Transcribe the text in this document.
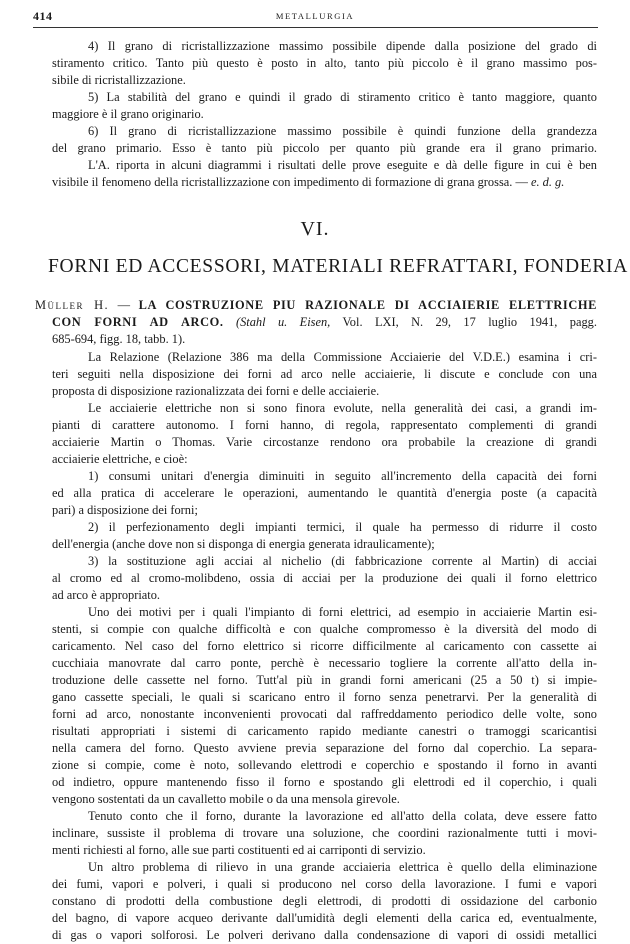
414	METALLURGIA
4) Il grano di ricristallizzazione massimo possibile dipende dalla posizione del grado di
stiramento critico. Tanto più questo è posto in alto, tanto più piccolo è il grano massimo pos-
sibile di ricristallizzazione.
5) La stabilità del grano e quindi il grado di stiramento critico è tanto maggiore, quanto
maggiore è il grano originario.
6) Il grano di ricristallizzazione massimo possibile è quindi funzione della grandezza
del grano primario. Esso è tanto più piccolo per quanto più grande era il grano primario.
L'A. riporta in alcuni diagrammi i risultati delle prove eseguite e dà delle figure in cui è ben
visibile il fenomeno della ricristallizzazione con impedimento di formazione di grana grossa. — e. d. g.
VI.
FORNI ED ACCESSORI, MATERIALI REFRATTARI, FONDERIA
Müller H. — LA COSTRUZIONE PIU RAZIONALE DI ACCIAIERIE ELETTRICHE
CON FORNI AD ARCO. (Stahl u. Eisen, Vol. LXI, N. 29, 17 luglio 1941, pagg.
685-694, figg. 18, tabb. 1).
La Relazione (Relazione 386 ma della Commissione Acciaierie del V.D.E.) esamina i cri-
teri seguiti nella disposizione dei forni ad arco nelle acciaierie, li discute e conclude con una
proposta di disposizione razionalizzata dei forni e delle acciaierie.
Le acciaierie elettriche non si sono finora evolute, nella generalità dei casi, a grandi im-
pianti di carattere autonomo. I forni hanno, di regola, rappresentato complementi di grandi
acciaierie Martin o Thomas. Varie circostanze rendono ora probabile la creazione di grandi
acciaierie elettriche, e cioè:
1) consumi unitari d'energia diminuiti in seguito all'incremento della capacità dei forni
ed alla pratica di accelerare le operazioni, aumentando le quantità d'energia poste (a capacità
pari) a disposizione dei forni;
2) il perfezionamento degli impianti termici, il quale ha permesso di ridurre il costo
dell'energia (anche dove non si disponga di energia generata idraulicamente);
3) la sostituzione agli acciai al nichelio (di fabbricazione corrente al Martin) di acciai
al cromo ed al cromo-molibdeno, ossia di acciai per la produzione dei quali il forno elettrico
ad arco è appropriato.
Uno dei motivi per i quali l'impianto di forni elettrici, ad esempio in acciaierie Martin esi-
stenti, si compie con qualche difficoltà e con qualche compromesso è la diversità del modo di
caricamento. Nel caso del forno elettrico si ricorre difficilmente al caricamento con cassette ai
cucchiaia manovrate dal carro ponte, perchè è necessario togliere la corrente all'atto della in-
troduzione delle cassette nel forno. Tutt'al più in grandi forni americani (25 a 50 t) si impie-
gano cassette speciali, le quali si scaricano entro il forno senza penetrarvi. Per la generalità di
forni ad arco, nonostante inconvenienti provocati dal raffreddamento periodico delle volte, sono
risultati appropriati i sistemi di caricamento rapido mediante canestri o tramoggi scaricantisi
nella camera del forno. Questo avviene previa separazione del forno dal coperchio. La separa-
zione si compie, come è noto, sollevando elettrodi e coperchio e spostando il forno in avanti
od indietro, oppure mantenendo fisso il forno e spostando gli elettrodi ed il coperchio, i quali
vengono sostentati da un cavalletto mobile o da una mensola girevole.
Tenuto conto che il forno, durante la lavorazione ed all'atto della colata, deve essere fatto
inclinare, sussiste il problema di trovare una soluzione, che coordini razionalmente tutti i movi-
menti richiesti al forno, alle sue parti costituenti ed ai carriponti di servizio.
Un altro problema di rilievo in una grande acciaieria elettrica è quello della eliminazione
dei fumi, vapori e polveri, i quali si producono nel corso della lavorazione. I fumi e vapori
constano di prodotti della combustione degli elettrodi, di prodotti di ossidazione del carbonio
del bagno, di vapore acqueo derivante dall'umidità degli elementi della carica ed, eventualmente,
di gas o vapori solforosi. Le polveri derivano dalla condensazione di vapori di ossidi metallici
